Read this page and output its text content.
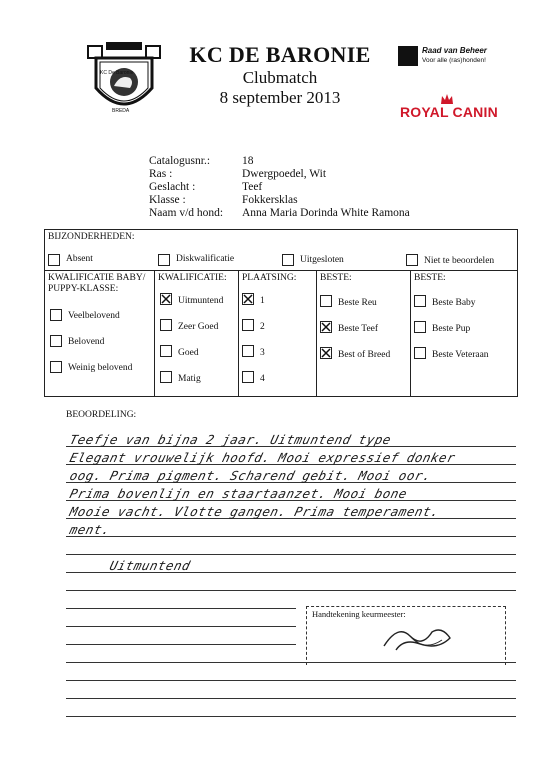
KC De Baronie
BREDA
KC DE BARONIE
Clubmatch
8 september 2013
Raad van Beheer
Voor alle (ras)honden!
ROYAL CANIN
Catalogusnr.:	18
Ras :	Dwergpoedel, Wit
Geslacht :	Teef
Klasse :	Fokkersklas
Naam v/d hond: Anna Maria Dorinda White Ramona
BIJZONDERHEDEN:
Absent	Diskwalificatie	Uitgesloten	Niet te beoordelen
KWALIFICATIE BABY/
PUPPY-KLASSE:
Veelbelovend
Belovend
Weinig belovend
KWALIFICATIE:
Uitmuntend
Zeer Goed
Goed
Matig
PLAATSING:
1
2
3
4
BESTE:
Beste Reu
Beste Teef
Best of Breed
BESTE:
Beste Baby
Beste Pup
Beste Veteraan
BEOORDELING:
Teefje van bijna 2 jaar. Uitmuntend type
Elegant vrouwelijk hoofd. Mooi expressief donker
oog. Prima pigment. Scharend gebit. Mooi oor.
Prima bovenlijn en staartaanzet. Mooi bone
Mooie vacht. Vlotte gangen. Prima temperament.
ment.
Uitmuntend
Handtekening keurmeester:
